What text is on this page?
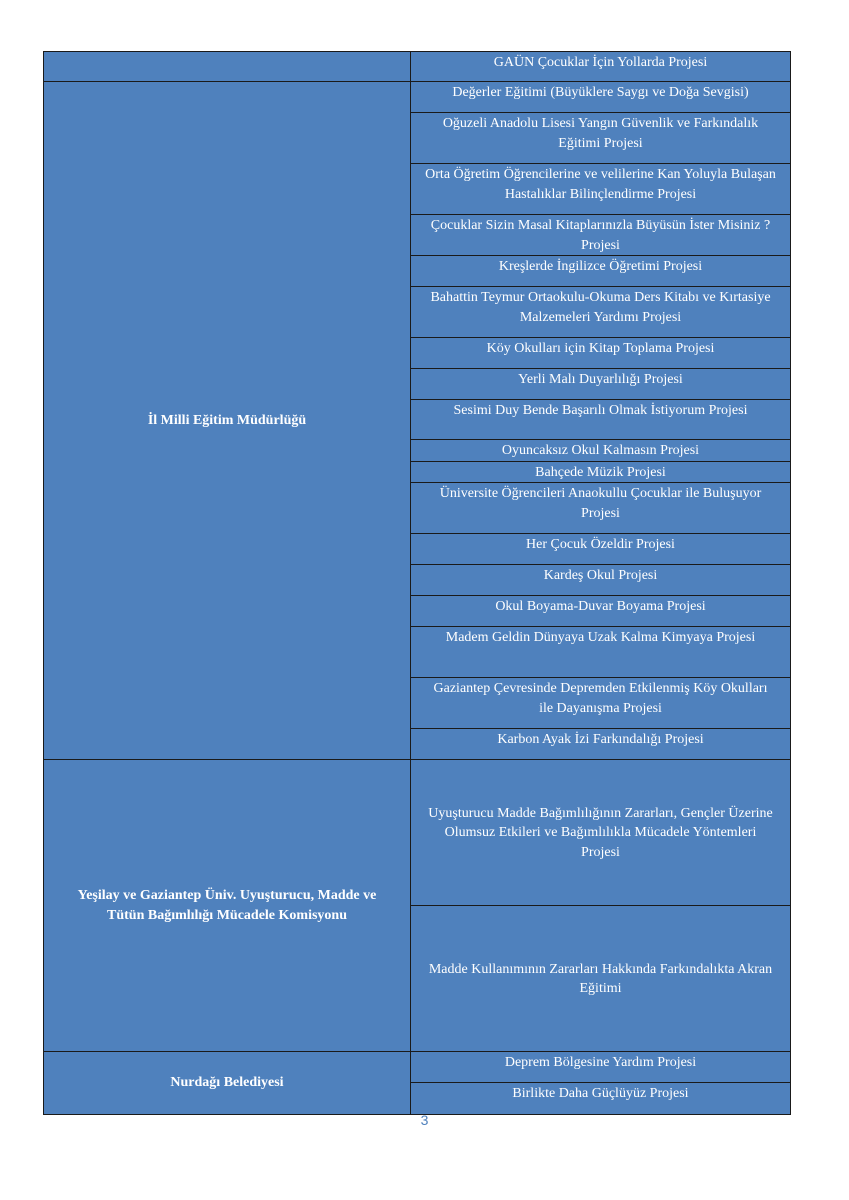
	GAÜN Çocuklar İçin Yollarda Projesi
İl Milli Eğitim Müdürlüğü	Değerler Eğitimi (Büyüklere Saygı ve Doğa Sevgisi)
	Oğuzeli Anadolu Lisesi Yangın Güvenlik ve Farkındalık Eğitimi Projesi
	Orta Öğretim Öğrencilerine ve velilerine Kan Yoluyla Bulaşan Hastalıklar Bilinçlendirme Projesi
	Çocuklar Sizin Masal Kitaplarınızla Büyüsün İster Misiniz ? Projesi
	Kreşlerde İngilizce Öğretimi Projesi
	Bahattin Teymur Ortaokulu-Okuma Ders Kitabı ve Kırtasiye Malzemeleri Yardımı Projesi
	Köy Okulları için Kitap Toplama Projesi
	Yerli Malı Duyarlılığı Projesi
	Sesimi Duy Bende Başarılı Olmak İstiyorum Projesi
	Oyuncaksız Okul Kalmasın Projesi
	Bahçede Müzik Projesi
	Üniversite Öğrencileri Anaokullu Çocuklar ile Buluşuyor Projesi
	Her Çocuk Özeldir Projesi
	Kardeş Okul Projesi
	Okul Boyama-Duvar Boyama Projesi
	Madem Geldin Dünyaya Uzak Kalma Kimyaya Projesi
	Gaziantep Çevresinde Depremden Etkilenmiş Köy Okulları ile Dayanışma Projesi
	Karbon Ayak İzi Farkındalığı Projesi
Yeşilay ve Gaziantep Üniv. Uyuşturucu, Madde ve Tütün Bağımlılığı Mücadele Komisyonu	Uyuşturucu Madde Bağımlılığının Zararları, Gençler Üzerine Olumsuz Etkileri ve Bağımlılıkla Mücadele Yöntemleri Projesi
	Madde Kullanımının Zararları Hakkında Farkındalıkta Akran Eğitimi
Nurdağı Belediyesi	Deprem Bölgesine Yardım Projesi
	Birlikte Daha Güçlüyüz Projesi
3
